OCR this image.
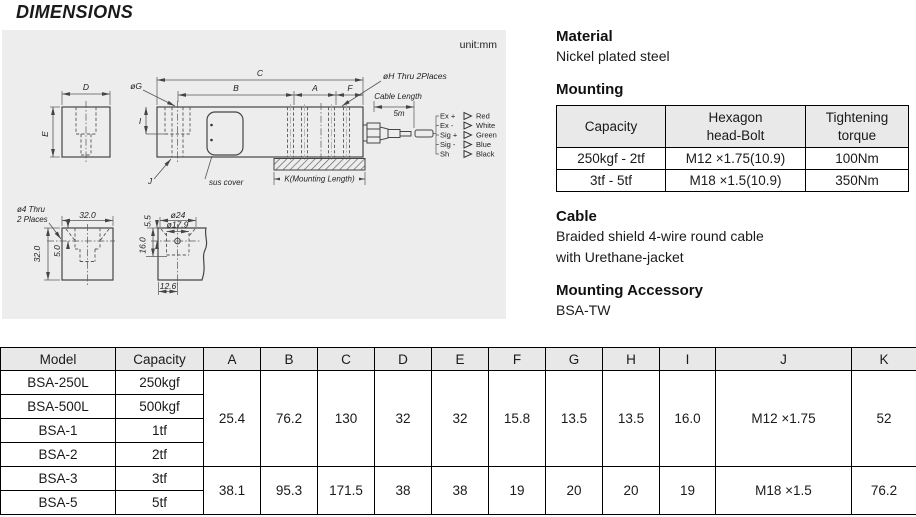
DIMENSIONS
unit:mm
D
E
sus cover
C
B	A	F
I
øG
øH Thru 2Places
J	K(Mounting Length)
Cable Length
5m	Ex +
Ex -
Sig +
Sig -
Sh
Red
White
Green
Blue
Black
32.0
32.0 5.0
ø4 Thru
2 Places	ø24
ø17.9
5.5
16.0
12.6
Material

Nickel plated steel

Mounting
Capacity	Hexagon
head-Bolt	Tightening
torque

250kgf - 2tf	M12 ×1.75(10.9)	100Nm
3tf - 5tf	M18 ×1.5(10.9)	350Nm
Cable

Braided shield 4-wire round cable
with Urethane-jacket

Mounting Accessory

BSA-TW

Model	Capacity	A	B	C	D	E	F	G	H	I	J	K
BSA-250L	250kgf	25.4	76.2	130	32	32	15.8	13.5	13.5	16.0	M12 ×1.75	52
BSA-500L	500kgf											
BSA-1	1tf											
BSA-2	2tf											
BSA-3	3tf	38.1	95.3	171.5	38	38	19	20	20	19	M18 ×1.5	76.2
BSA-5	5tf											
